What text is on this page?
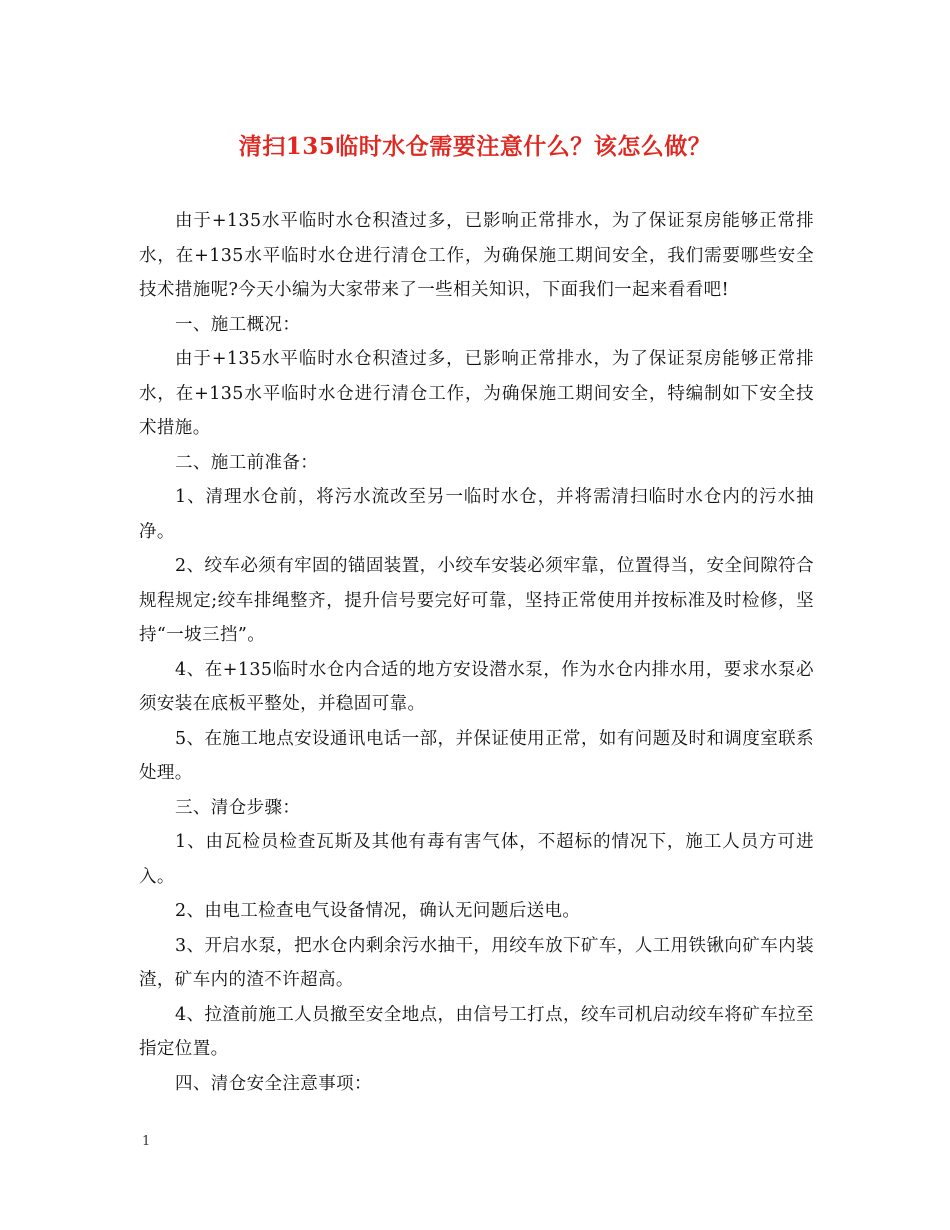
清扫135临时水仓需要注意什么？该怎么做？

由于+135水平临时水仓积渣过多，已影响正常排水，为了保证泵房能够正常排水，在+135水平临时水仓进行清仓工作，为确保施工期间安全，我们需要哪些安全技术措施呢?今天小编为大家带来了一些相关知识，下面我们一起来看看吧!

一、施工概况：

由于+135水平临时水仓积渣过多，已影响正常排水，为了保证泵房能够正常排水，在+135水平临时水仓进行清仓工作，为确保施工期间安全，特编制如下安全技术措施。

二、施工前准备：

1、清理水仓前，将污水流改至另一临时水仓，并将需清扫临时水仓内的污水抽净。

2、绞车必须有牢固的锚固装置，小绞车安装必须牢靠，位置得当，安全间隙符合规程规定;绞车排绳整齐，提升信号要完好可靠，坚持正常使用并按标准及时检修，坚持“一坡三挡”。

4、在+135临时水仓内合适的地方安设潜水泵，作为水仓内排水用，要求水泵必须安装在底板平整处，并稳固可靠。

5、在施工地点安设通讯电话一部，并保证使用正常，如有问题及时和调度室联系处理。

三、清仓步骤：

1、由瓦检员检查瓦斯及其他有毒有害气体，不超标的情况下，施工人员方可进入。

2、由电工检查电气设备情况，确认无问题后送电。

3、开启水泵，把水仓内剩余污水抽干，用绞车放下矿车，人工用铁锹向矿车内装渣，矿车内的渣不许超高。

4、拉渣前施工人员撤至安全地点，由信号工打点，绞车司机启动绞车将矿车拉至指定位置。

四、清仓安全注意事项：

1
